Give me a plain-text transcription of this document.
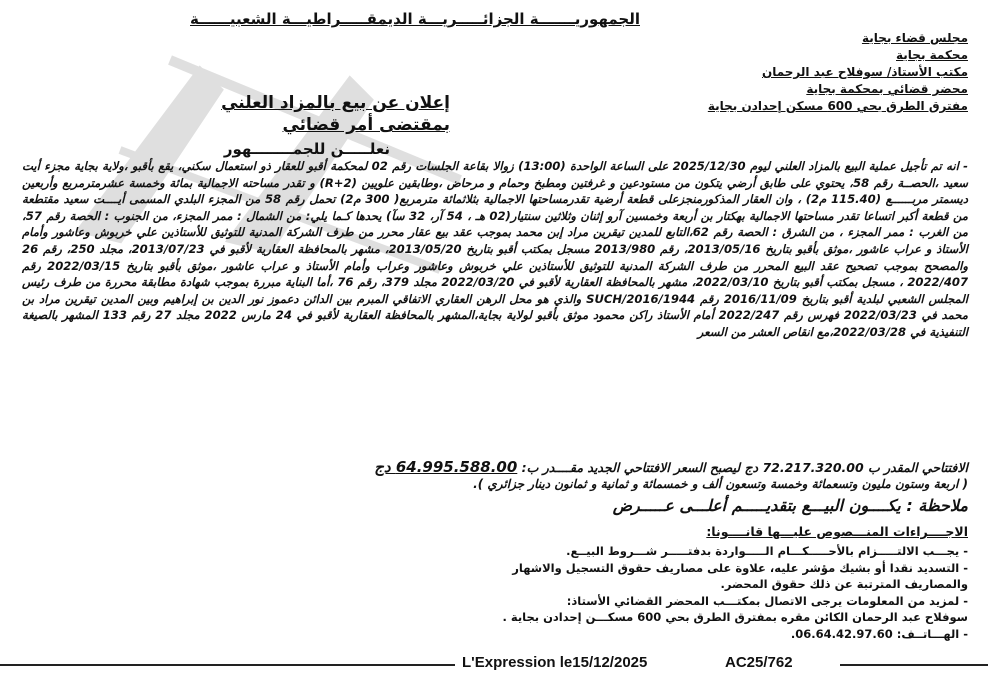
الجمهوريـــــــة الجزائـــــريـــة الديمقـــــراطيـــة الشعبيــــــة
مجلس قضاء بجاية
محكمة بجاية
مكتب الأستاذ/ سوفلاح عبد الرحمان
محضر قضائي بمحكمة بجاية
مفترق الطرق بحي 600 مسكن إحدادن بجاية
إعلان عن بيع بالمزاد العلني
بمقتضى أمر قضائي
نعلـــــن للجمــــــــهور
- انه تم تأجيل عملية البيع بالمزاد العلني ليوم 2025/12/30 على الساعة الواحدة (13:00) زوالا بقاعة الجلسات رقم 02 لمحكمة أقبو للعقار ذو استعمال سكني، يقع بأقبو ،ولاية بجاية مجزء أيت سعيد ،الحصــة رقم 58، يحتوي على طابق أرضي يتكون من مستودعين و غرفتين ومطبخ وحمام و مرحاض ،وطابقين علويين (R+2) و تقدر مساحته الاجمالية بمائة وخمسة عشرمترمربع وأربعين ديسمتر مربــــــع (115.40 م2) ، وان العقار المذكورمنجزعلى قطعة أرضية تقدرمساحتها الاجمالية بثلاثمائة مترمربع( 300 م2) تحمل رقم 58 من المجزء البلدي المسمى أيــــت سعيد مقتطعة من قطعة أكبر اتساعا تقدر مساحتها الاجمالية بهكتار بن أربعة وخمسين آرو إثنان وثلاثين سنتيار(02 هـ ، 54 آر، 32 سآ) يحدها كـما يلي: من الشمال : ممر المجزء، من الجنوب : الحصة رقم 57، من الغرب : ممر المجزء ، من الشرق : الحصة رقم 62،التابع للمدين تيقرين مراد إبن محمد بموجب عقد بيع عقار محرر من طرف الشركة المدنية للتوثيق للأستاذين علي خربوش وعاشور وأمام الأستاذ و عراب عاشور ،موثق بأقبو بتاريخ 2013/05/16، رقم 2013/980 مسجل بمكتب أقبو بتاريخ 2013/05/20، مشهر بالمحافظة العقارية لأقبو في 2013/07/23، مجلد 250، رقم 26 والمصحح بموجب تصحيح عقد البيع المحرر من طرف الشركة المدنية للتوثيق للأستاذين علي خربوش وعاشور وعراب وأمام الأستاذ و عراب عاشور ،موثق بأقبو بتاريخ 2022/03/15 رقم 2022/407 ، مسجل بمكتب أقبو بتاريخ 2022/03/10، مشهر بالمحافظة العقارية لأقبو في 2022/03/20 مجلد 379، رقم 76 ،أما البناية مبررة بموجب شهادة مطابقة محررة من طرف رئيس المجلس الشعبي لبلدية أقبو بتاريخ 2016/11/09 رقم 1944/SUCH/2016 والذي هو محل الرهن العقاري الاتفاقي المبرم بين الدائن دعموز نور الدين بن إبراهيم وبين المدين تيقرين مراد بن محمد في 2022/03/23 فهرس رقم 2022/247 أمام الأستاذ راكن محمود موثق بأقبو لولاية بجاية،المشهر بالمحافظة العقارية لأقبو في 24 مارس 2022 مجلد 27 رقم 133 المشهر بالصيغة التنفيذية في 2022/03/28،مع انقاص العشر من السعر
الافتتاحي المقدر ب 72.217.320.00 دج ليصبح السعر الافتتاحي الجديد مقــــدر ب: 64.995.588.00 دج
( اربعة وستون مليون وتسعمائة وخمسة وتسعون ألف و خمسمائة و ثمانية و ثمانون دينار جزائري ).
ملاحظة : يكــــون البيـــع بتقديـــــم أعلـــى عـــــرض
الاجــــراءات المنـــصوص عليـــها قانــــونا:
- يجـــب الالتـــــزام بالأحـــــكـــام الـــــواردة بدفتـــــر شـــروط البيــع.
- التسديد نقدا أو بشيك مؤشر عليه، علاوة على مصاريف حقوق التسجيل والاشهار
والمصاريف المترتبة عن ذلك حقوق المحضر.
- لمزيد من المعلومات يرجى الاتصال بمكتـــب المحضر القضائي الأستاذ:
سوفلاح عبد الرحمان الكائن مقره بمفترق الطرق بحي 600 مسكـــن إحدادن بجاية .
- الهـــاتــف: 06.64.42.97.60.
L'Expression le15/12/2025	AC25/762
